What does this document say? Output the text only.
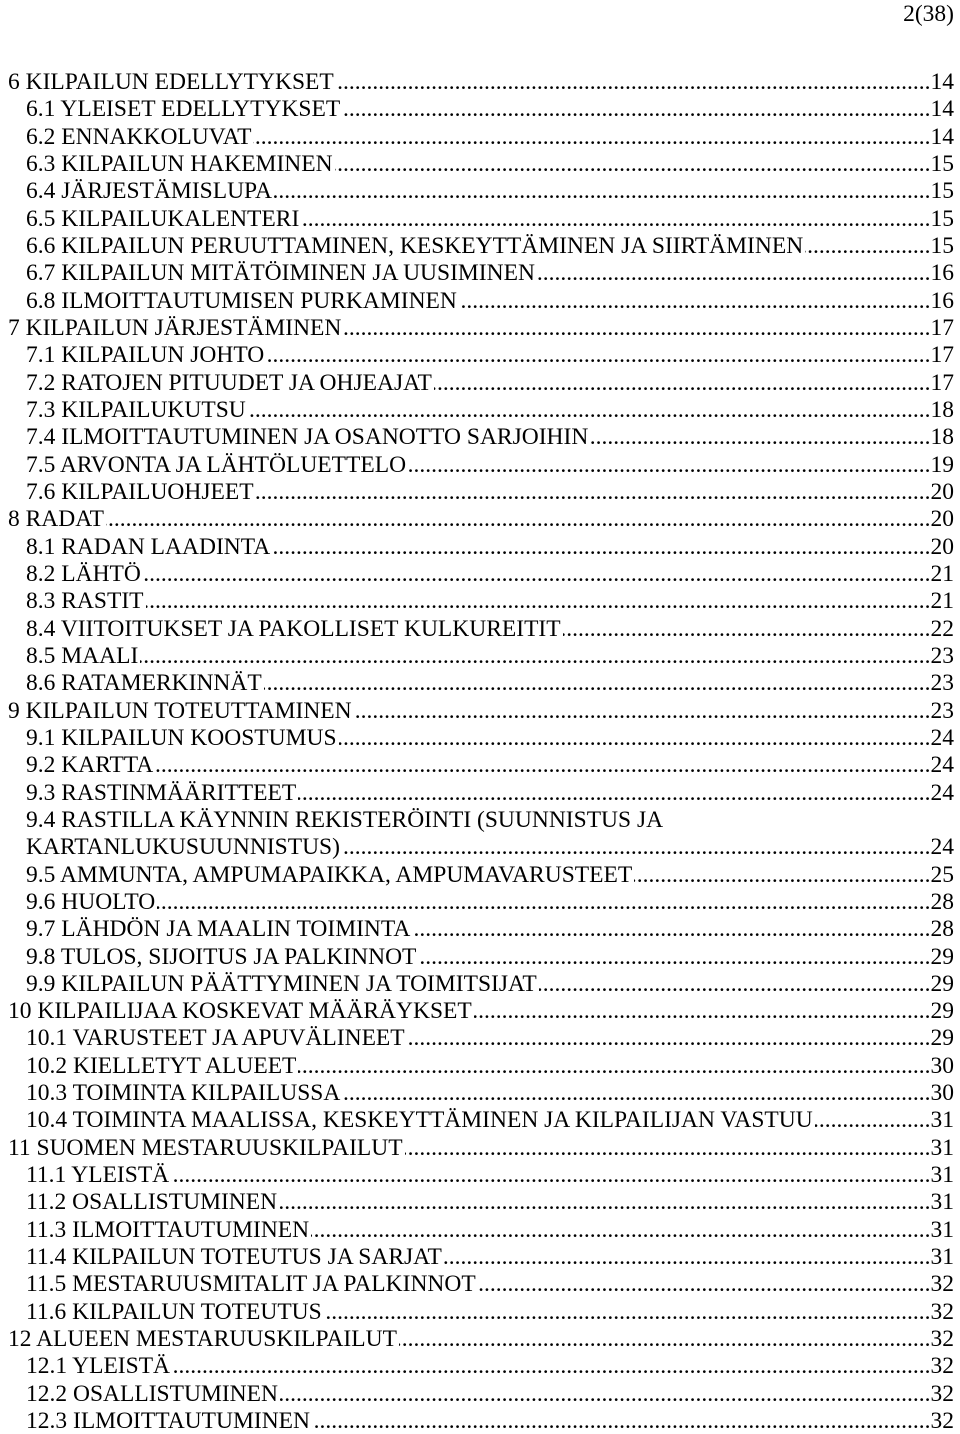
2(38)
6 KILPAILUN EDELLYTYKSET .....	14
6.1 YLEISET EDELLYTYKSET .....	14
6.2 ENNAKKOLUVAT .....	14
6.3 KILPAILUN HAKEMINEN .....	15
6.4 JÄRJESTÄMISLUPA .....	15
6.5 KILPAILUKALENTERI .....	15
6.6 KILPAILUN PERUUTTAMINEN, KESKEYTTÄMINEN JA SIIRTÄMINEN .....	15
6.7 KILPAILUN MITÄTÖIMINEN JA UUSIMINEN .....	16
6.8 ILMOITTAUTUMISEN PURKAMINEN .....	16
7 KILPAILUN JÄRJESTÄMINEN .....	17
7.1 KILPAILUN JOHTO .....	17
7.2 RATOJEN PITUUDET JA OHJEAJAT .....	17
7.3 KILPAILUKUTSU .....	18
7.4 ILMOITTAUTUMINEN JA OSANOTTO SARJOIHIN .....	18
7.5 ARVONTA JA LÄHTÖLUETTELO .....	19
7.6 KILPAILUOHJEET .....	20
8 RADAT .....	20
8.1 RADAN LAADINTA .....	20
8.2 LÄHTÖ .....	21
8.3 RASTIT .....	21
8.4 VIITOITUKSET JA PAKOLLISET KULKUREITIT .....	22
8.5 MAALI .....	23
8.6 RATAMERKINNÄT .....	23
9 KILPAILUN TOTEUTTAMINEN .....	23
9.1 KILPAILUN KOOSTUMUS .....	24
9.2 KARTTA .....	24
9.3 RASTINMÄÄRITTEET .....	24
9.4 RASTILLA KÄYNNIN REKISTERÖINTI (SUUNNISTUS JA
KARTANLUKUSUUNNISTUS) .....	24
9.5 AMMUNTA, AMPUMAPAIKKA, AMPUMAVARUSTEET .....	25
9.6 HUOLTO .....	28
9.7 LÄHDÖN JA MAALIN TOIMINTA .....	28
9.8 TULOS, SIJOITUS JA PALKINNOT .....	29
9.9 KILPAILUN PÄÄTTYMINEN JA TOIMITSIJAT .....	29
10 KILPAILIJAA KOSKEVAT MÄÄRÄYKSET .....	29
10.1 VARUSTEET JA APUVÄLINEET .....	29
10.2 KIELLETYT ALUEET .....	30
10.3 TOIMINTA KILPAILUSSA .....	30
10.4 TOIMINTA MAALISSA, KESKEYTTÄMINEN JA KILPAILIJAN VASTUU .....	31
11 SUOMEN MESTARUUSKILPAILUT .....	31
11.1 YLEISTÄ .....	31
11.2 OSALLISTUMINEN .....	31
11.3 ILMOITTAUTUMINEN .....	31
11.4 KILPAILUN TOTEUTUS JA SARJAT .....	31
11.5 MESTARUUSMITALIT JA PALKINNOT .....	32
11.6 KILPAILUN TOTEUTUS .....	32
12 ALUEEN MESTARUUSKILPAILUT .....	32
12.1 YLEISTÄ .....	32
12.2 OSALLISTUMINEN .....	32
12.3 ILMOITTAUTUMINEN .....	32
